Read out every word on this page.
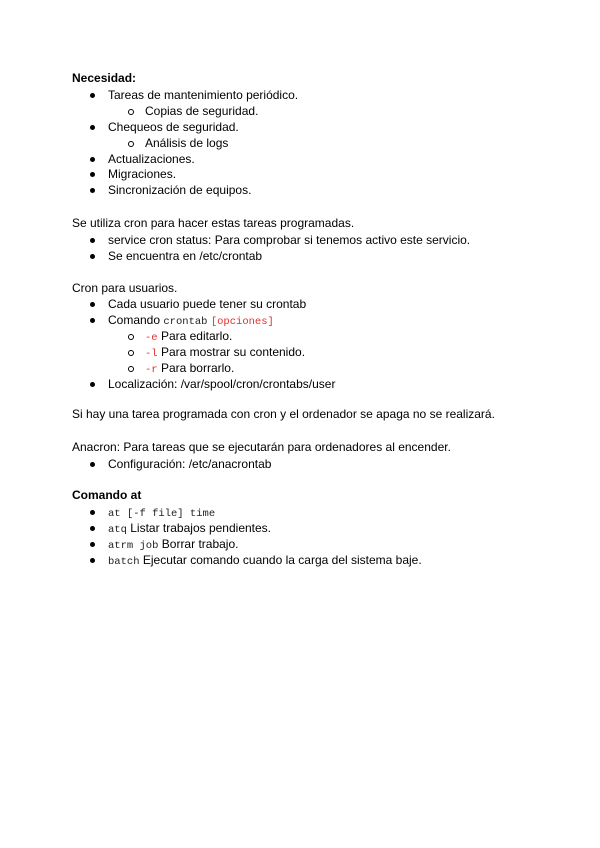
Necesidad:
Tareas de mantenimiento periódico.
Copias de seguridad.
Chequeos de seguridad.
Análisis de logs
Actualizaciones.
Migraciones.
Sincronización de equipos.
Se utiliza cron para hacer estas tareas programadas.
service cron status: Para comprobar si tenemos activo este servicio.
Se encuentra en /etc/crontab
Cron para usuarios.
Cada usuario puede tener su crontab
Comando crontab [opciones]
-e Para editarlo.
-l Para mostrar su contenido.
-r Para borrarlo.
Localización: /var/spool/cron/crontabs/user
Si hay una tarea programada con cron y el ordenador se apaga no se realizará.
Anacron: Para tareas que se ejecutarán para ordenadores al encender.
Configuración: /etc/anacrontab
Comando at
at [-f file] time
atq Listar trabajos pendientes.
atrm job Borrar trabajo.
batch Ejecutar comando cuando la carga del sistema baje.
